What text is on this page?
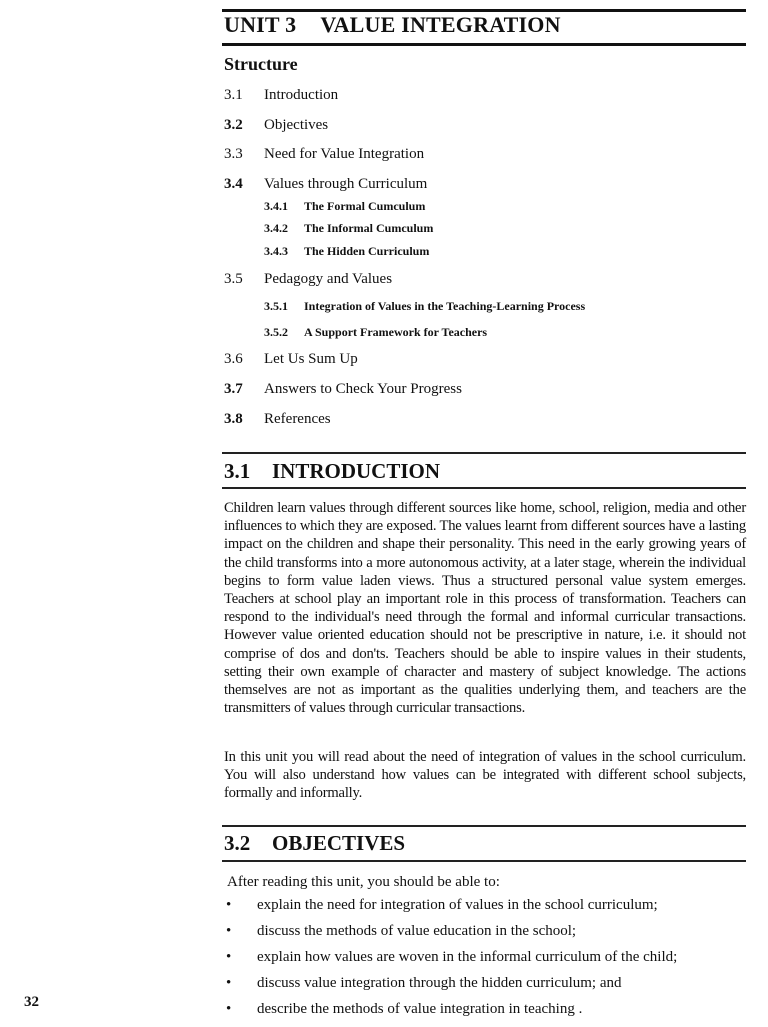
UNIT 3 VALUE INTEGRATION
Structure
3.1 Introduction
3.2 Objectives
3.3 Need for Value Integration
3.4 Values through Curriculum
3.4.1 The Formal Cumculum
3.4.2 The Informal Cumculum
3.4.3 The Hidden Curriculum
3.5 Pedagogy and Values
3.5.1 Integration of Values in the Teaching-Learning Process
3.5.2 A Support Framework for Teachers
3.6 Let Us Sum Up
3.7 Answers to Check Your Progress
3.8 References
3.1 INTRODUCTION

Children learn values through different sources like home, school, religion, media and other influences to which they are exposed. The values learnt from different sources have a lasting impact on the children and shape their personality. This need in the early growing years of the child transforms into a more autonomous activity, at a later stage, wherein the individual begins to form value laden views. Thus a structured personal value system emerges. Teachers at school play an important role in this process of transformation. Teachers can respond to the individual's need through the formal and informal curricular transactions. However value oriented education should not be prescriptive in nature, i.e. it should not comprise of dos and don'ts. Teachers should be able to inspire values in their students, setting their own example of character and mastery of subject knowledge. The actions themselves are not as important as the qualities underlying them, and teachers are the transmitters of values through curricular transactions.

In this unit you will read about the need of integration of values in the school curriculum. You will also understand how values can be integrated with different school subjects, formally and informally.

3.2 OBJECTIVES
After reading this unit, you should be able to:
• explain the need for integration of values in the school curriculum;
• discuss the methods of value education in the school;
• explain how values are woven in the informal curriculum of the child;
• discuss value integration through the hidden curriculum; and
• describe the methods of value integration in teaching .
32
